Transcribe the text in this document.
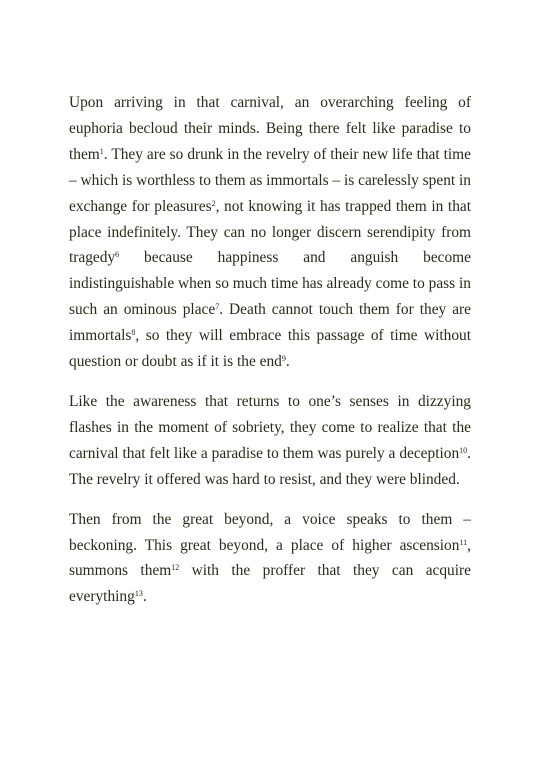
Upon arriving in that carnival, an overarching feeling of euphoria becloud their minds. Being there felt like paradise to them$^1$. They are so drunk in the revelry of their new life that time – which is worthless to them as immortals – is carelessly spent in exchange for pleasures$^2$, not knowing it has trapped them in that place indefinitely. They can no longer discern serendipity from tragedy$^6$ because happiness and anguish become indistinguishable when so much time has already come to pass in such an ominous place$^7$. Death cannot touch them for they are immortals$^8$, so they will embrace this passage of time without question or doubt as if it is the end$^9$.

Like the awareness that returns to one’s senses in dizzying flashes in the moment of sobriety, they come to realize that the carnival that felt like a paradise to them was purely a deception$^{10}$. The revelry it offered was hard to resist, and they were blinded.

Then from the great beyond, a voice speaks to them – beckoning. This great beyond, a place of higher ascension$^{11}$, summons them$^{12}$ with the proffer that they can acquire everything$^{13}$.
